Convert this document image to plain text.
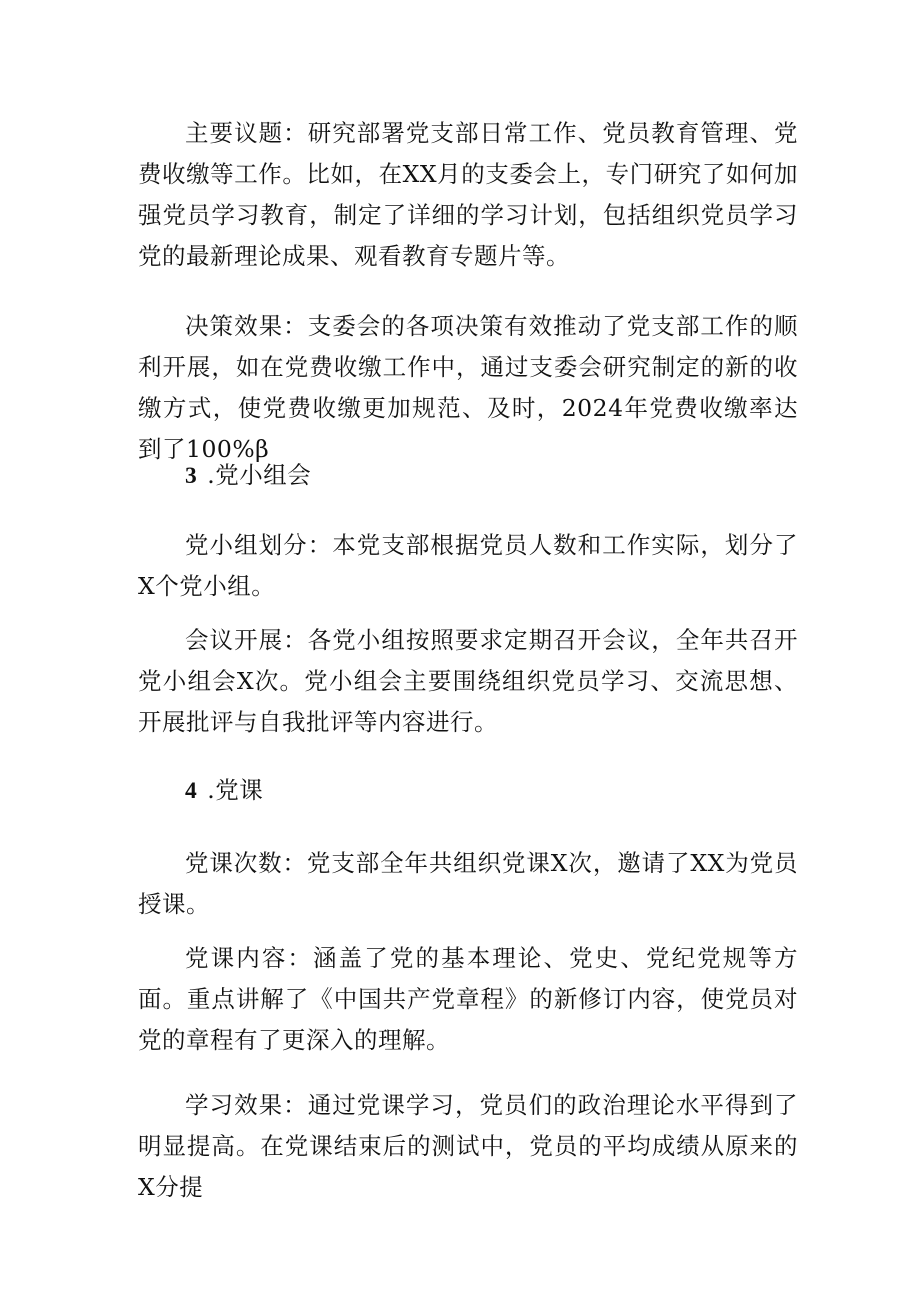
主要议题：研究部署党支部日常工作、党员教育管理、党费收缴等工作。比如，在XX月的支委会上，专门研究了如何加强党员学习教育，制定了详细的学习计划，包括组织党员学习党的最新理论成果、观看教育专题片等。

决策效果：支委会的各项决策有效推动了党支部工作的顺利开展，如在党费收缴工作中，通过支委会研究制定的新的收缴方式，使党费收缴更加规范、及时，2024年党费收缴率达到了100%β

3 .党小组会

党小组划分：本党支部根据党员人数和工作实际，划分了X个党小组。

会议开展：各党小组按照要求定期召开会议，全年共召开党小组会X次。党小组会主要围绕组织党员学习、交流思想、开展批评与自我批评等内容进行。

4 .党课

党课次数：党支部全年共组织党课X次，邀请了XX为党员授课。

党课内容：涵盖了党的基本理论、党史、党纪党规等方面。重点讲解了《中国共产党章程》的新修订内容，使党员对党的章程有了更深入的理解。

学习效果：通过党课学习，党员们的政治理论水平得到了明显提高。在党课结束后的测试中，党员的平均成绩从原来的X分提
